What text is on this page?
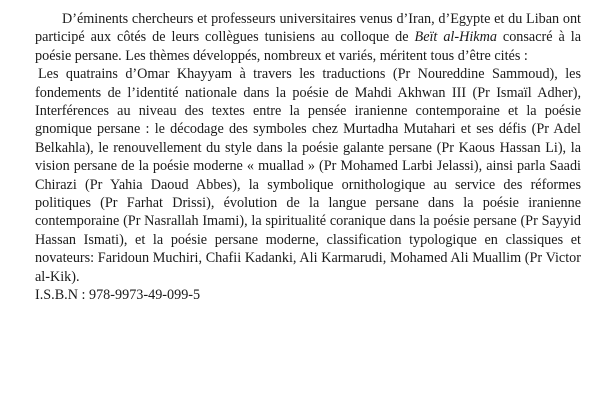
D’éminents chercheurs et professeurs universitaires venus d’Iran, d’Egypte et du Liban ont participé aux côtés de leurs collègues tunisiens au colloque de Beït al-Hikma consacré à la poésie persane. Les thèmes développés, nombreux et variés, méritent tous d’être cités :

Les quatrains d’Omar Khayyam à travers les traductions (Pr Noureddine Sammoud), les fondements de l’identité nationale dans la poésie de Mahdi Akhwan III (Pr Ismaïl Adher), Interférences au niveau des textes entre la pensée iranienne contemporaine et la poésie gnomique persane : le décodage des symboles chez Murtadha Mutahari et ses défis (Pr Adel Belkahla), le renouvellement du style dans la poésie galante persane (Pr Kaous Hassan Li), la vision persane de la poésie moderne « muallad » (Pr Mohamed Larbi Jelassi), ainsi parla Saadi Chirazi (Pr Yahia Daoud Abbes), la symbolique ornithologique au service des réformes politiques (Pr Farhat Drissi), évolution de la langue persane dans la poésie iranienne contemporaine (Pr Nasrallah Imami), la spiritualité coranique dans la poésie persane (Pr Sayyid Hassan Ismati), et la poésie persane moderne, classification typologique en classiques et novateurs: Faridoun Muchiri, Chafii Kadanki, Ali Karmarudi, Mohamed Ali Muallim (Pr Victor al-Kik).

I.S.B.N : 978-9973-49-099-5
